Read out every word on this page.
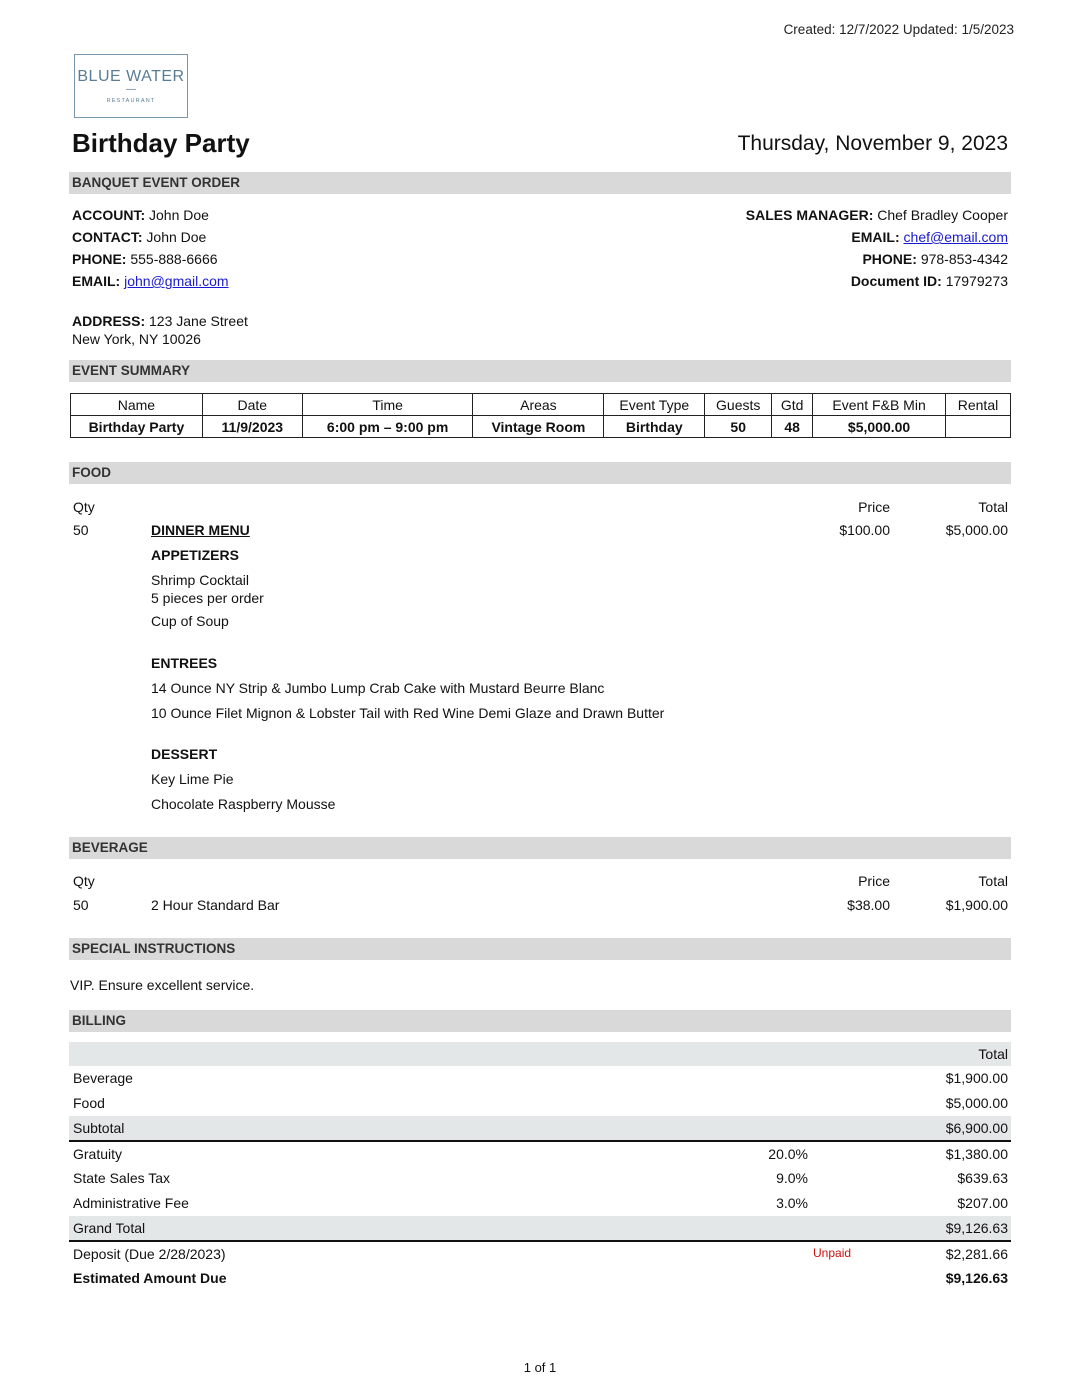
Created: 12/7/2022 Updated: 1/5/2023
BLUE WATER
—
RESTAURANT
Birthday Party	Thursday, November 9, 2023
BANQUET EVENT ORDER
ACCOUNT: John Doe
CONTACT: John Doe
PHONE: 555-888-6666
EMAIL: john@gmail.com
ADDRESS: 123 Jane Street
New York, NY 10026
SALES MANAGER: Chef Bradley Cooper
EMAIL: chef@email.com
PHONE: 978-853-4342
Document ID: 17979273
EVENT SUMMARY
Name	Date	Time	Areas	Event Type	Guests	Gtd	Event F&B Min	Rental
Birthday Party	11/9/2023	6:00 pm – 9:00 pm	Vintage Room	Birthday	50	48	$5,000.00	
FOOD
Qty	Price	Total
50	DINNER MENU	$100.00	$5,000.00
APPETIZERS
Shrimp Cocktail
5 pieces per order
Cup of Soup
ENTREES
14 Ounce NY Strip & Jumbo Lump Crab Cake with Mustard Beurre Blanc
10 Ounce Filet Mignon & Lobster Tail with Red Wine Demi Glaze and Drawn Butter
DESSERT
Key Lime Pie
Chocolate Raspberry Mousse
BEVERAGE
Qty	Price	Total
50	2 Hour Standard Bar	$38.00	$1,900.00
SPECIAL INSTRUCTIONS
VIP. Ensure excellent service.
BILLING
Total
Beverage	$1,900.00
Food	$5,000.00
Subtotal	$6,900.00
Gratuity	20.0%	$1,380.00
State Sales Tax	9.0%	$639.63
Administrative Fee	3.0%	$207.00
Grand Total	$9,126.63
Deposit (Due 2/28/2023)	Unpaid	$2,281.66
Estimated Amount Due	$9,126.63
1 of 1
